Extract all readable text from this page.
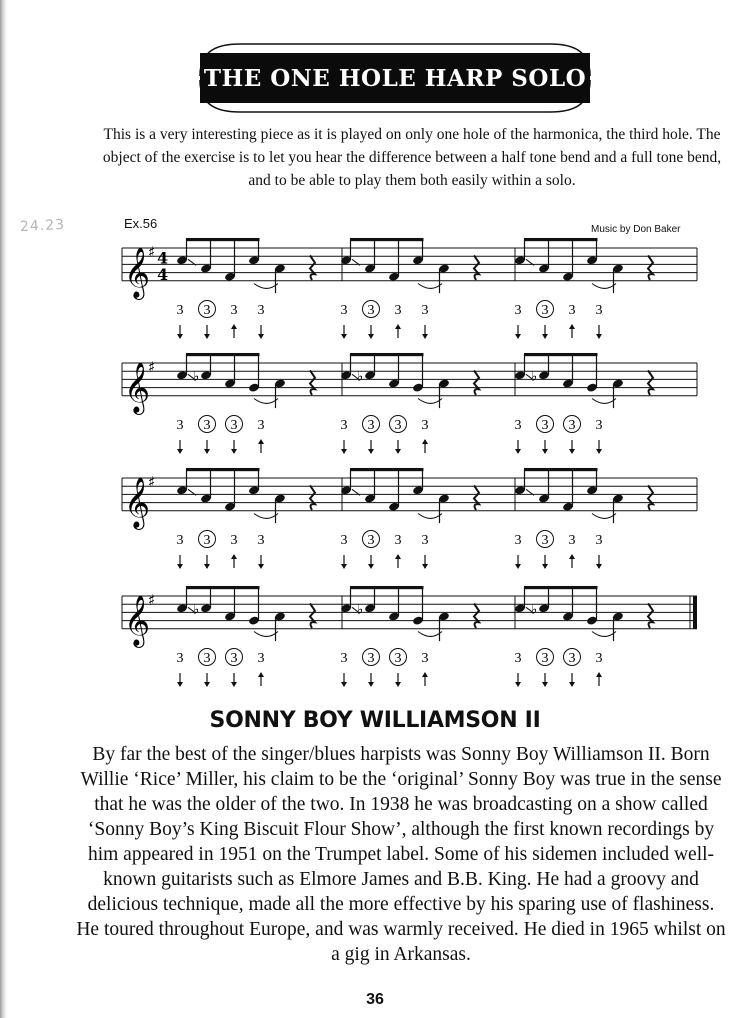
24.23
THE ONE HOLE HARP SOLO
This is a very interesting piece as it is played on only one hole of the harmonica, the third hole. The object of the exercise is to let you hear the difference between a half tone bend and a full tone bend, and to be able to play them both easily within a solo.
Ex.56	Music by Don Baker
𝄞
♯ 4
4
3 3 3 3	3 3 3 3	3 3 3 3
𝄞
♯
♭
3 3 3 3
♭
3 3 3 3
♭
3 3 3 3
𝄞
♯
3 3 3 3	3 3 3 3	3 3 3 3
𝄞
♯
♭
3 3 3 3
♭
3 3 3 3
♭
3 3 3 3
SONNY BOY WILLIAMSON II
By far the best of the singer/blues harpists was Sonny Boy Williamson II. Born Willie ‘Rice’ Miller, his claim to be the ‘original’ Sonny Boy was true in the sense that he was the older of the two. In 1938 he was broadcasting on a show called ‘Sonny Boy’s King Biscuit Flour Show’, although the first known recordings by him appeared in 1951 on the Trumpet label. Some of his sidemen included well-known guitarists such as Elmore James and B.B. King. He had a groovy and delicious technique, made all the more effective by his sparing use of flashiness. He toured throughout Europe, and was warmly received. He died in 1965 whilst on a gig in Arkansas.
36
